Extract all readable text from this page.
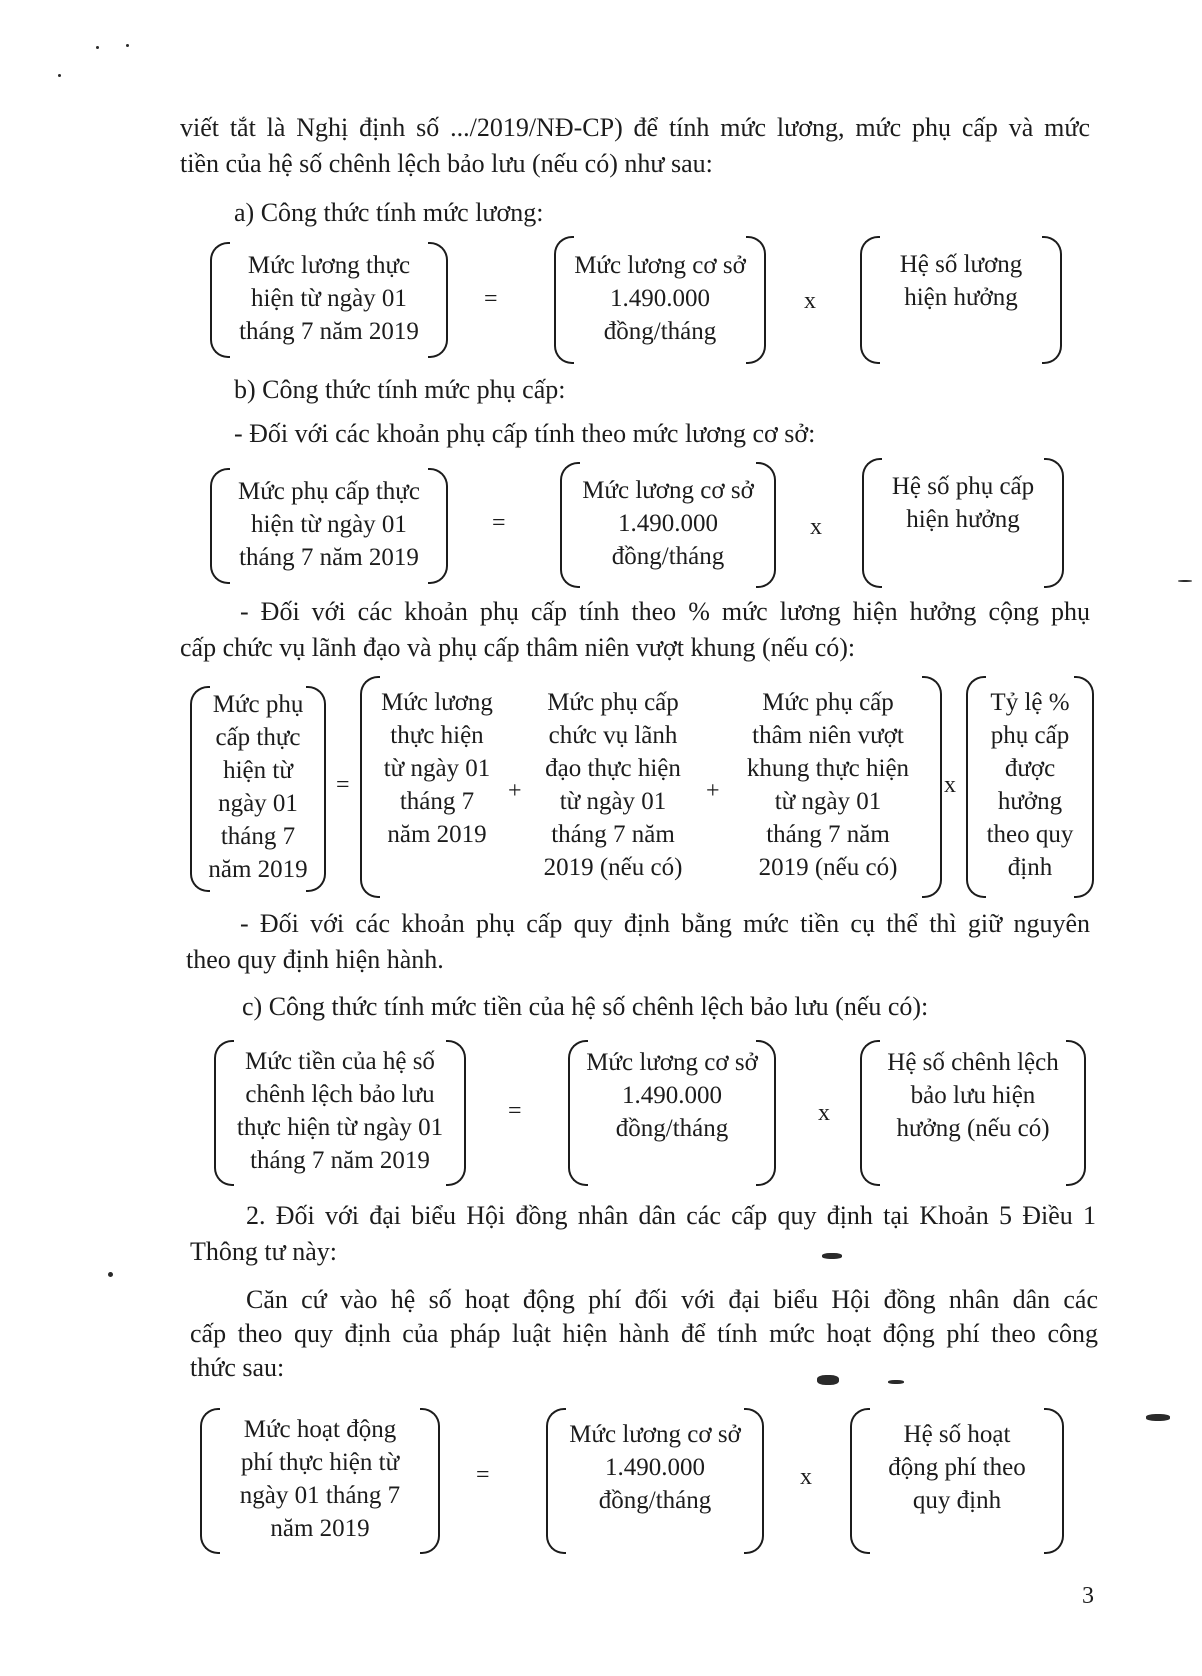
viết tắt là Nghị định số .../2019/NĐ-CP) để tính mức lương, mức phụ cấp và mức
tiền của hệ số chênh lệch bảo lưu (nếu có) như sau:
a) Công thức tính mức lương:
Mức lương thực
hiện từ ngày 01
tháng 7 năm 2019
=
Mức lương cơ sở
1.490.000
đồng/tháng
x
Hệ số lương
hiện hưởng
b) Công thức tính mức phụ cấp:
- Đối với các khoản phụ cấp tính theo mức lương cơ sở:
Mức phụ cấp thực
hiện từ ngày 01
tháng 7 năm 2019
=
Mức lương cơ sở
1.490.000
đồng/tháng
x
Hệ số phụ cấp
hiện hưởng
- Đối với các khoản phụ cấp tính theo % mức lương hiện hưởng cộng phụ
cấp chức vụ lãnh đạo và phụ cấp thâm niên vượt khung (nếu có):
Mức phụ
cấp thực
hiện từ
ngày 01
tháng 7
năm 2019
=
Mức lương
thực hiện
từ ngày 01
tháng 7
năm 2019
+
Mức phụ cấp
chức vụ lãnh
đạo thực hiện
từ ngày 01
tháng 7 năm
2019 (nếu có)
+
Mức phụ cấp
thâm niên vượt
khung thực hiện
từ ngày 01
tháng 7 năm
2019 (nếu có)
x
Tỷ lệ %
phụ cấp
được
hưởng
theo quy
định
- Đối với các khoản phụ cấp quy định bằng mức tiền cụ thể thì giữ nguyên
theo quy định hiện hành.
c) Công thức tính mức tiền của hệ số chênh lệch bảo lưu (nếu có):
Mức tiền của hệ số
chênh lệch bảo lưu
thực hiện từ ngày 01
tháng 7 năm 2019
=
Mức lương cơ sở
1.490.000
đồng/tháng
x
Hệ số chênh lệch
bảo lưu hiện
hưởng (nếu có)
2. Đối với đại biểu Hội đồng nhân dân các cấp quy định tại Khoản 5 Điều 1
Thông tư này:
Căn cứ vào hệ số hoạt động phí đối với đại biểu Hội đồng nhân dân các
cấp theo quy định của pháp luật hiện hành để tính mức hoạt động phí theo công
thức sau:
Mức hoạt động
phí thực hiện từ
ngày 01 tháng 7
năm 2019
=
Mức lương cơ sở
1.490.000
đồng/tháng
x
Hệ số hoạt
động phí theo
quy định
3
